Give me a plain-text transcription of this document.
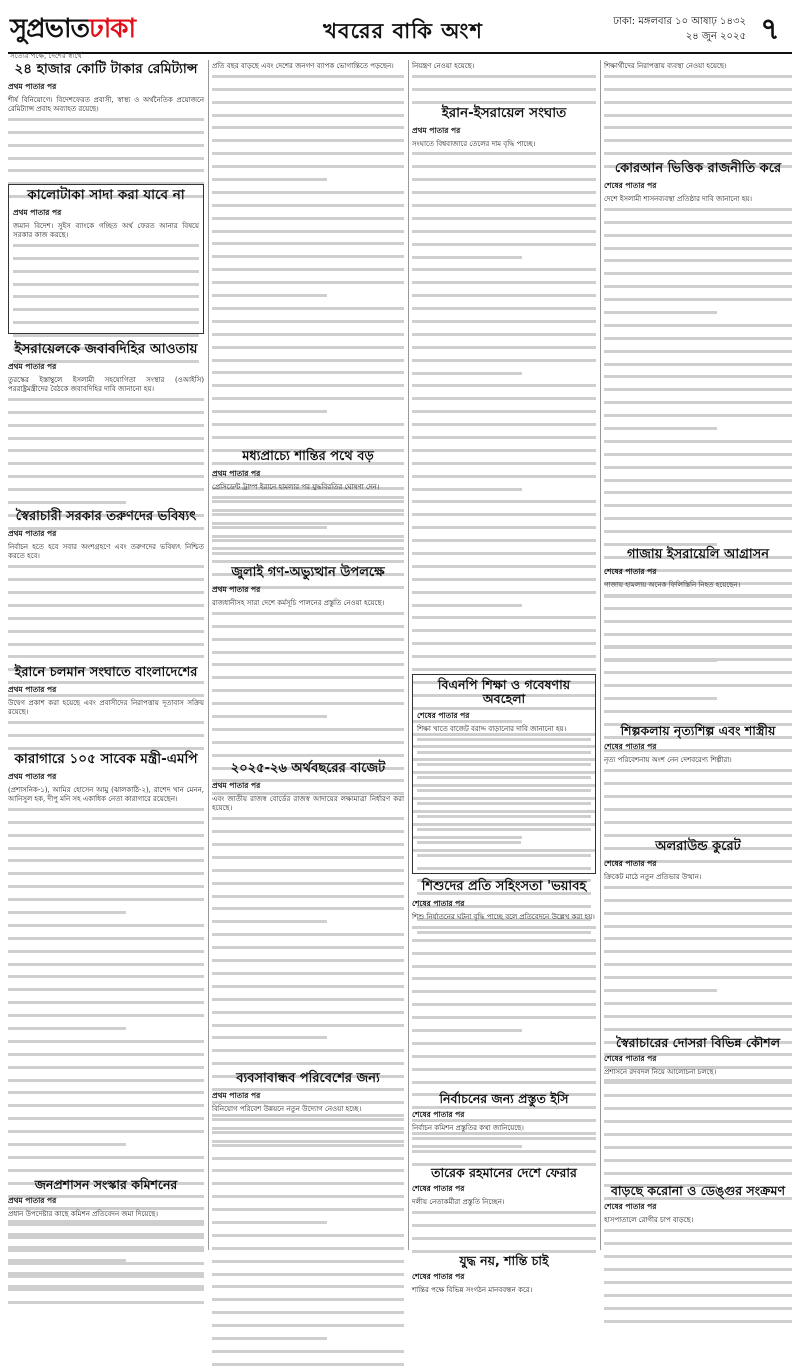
সুপ্রভাতঢাকা
সত্যের পক্ষে, দেশের স্বার্থে
খবরের বাকি অংশ	ঢাকা: মঙ্গলবার ১০ আষাঢ় ১৪৩২
২৪ জুন ২০২৫ ৭
২৪ হাজার কোটি টাকার রেমিট্যান্স
প্রথম পাতার পর

শীর্ষ বিনিয়োগে। বিদেশফেরত প্রবাসী, স্বাস্থ্য ও অর্থনৈতিক প্রয়োজনে রেমিট্যান্স প্রবাহ অব্যাহত রয়েছে।

কালোটাকা সাদা করা যাবে না
প্রথম পাতার পর

জমান বিদেশ। সুইস ব্যাংকে গচ্ছিত অর্থ ফেরত আনার বিষয়ে সরকার কাজ করছে।

ইসরায়েলকে জবাবদিহির আওতায়
প্রথম পাতার পর

তুরস্কের ইস্তাম্বুলে ইসলামী সহযোগিতা সংস্থার (ওআইসি) পররাষ্ট্রমন্ত্রীদের বৈঠকে জবাবদিহির দাবি জানানো হয়।

স্বৈরাচারী সরকার তরুণদের ভবিষ্যৎ
প্রথম পাতার পর

নির্বাচন হতে হবে সবার অংশগ্রহণে এবং তরুণদের ভবিষ্যৎ নিশ্চিত করতে হবে।

ইরানে চলমান সংঘাতে বাংলাদেশের
প্রথম পাতার পর

উদ্বেগ প্রকাশ করা হয়েছে এবং প্রবাসীদের নিরাপত্তায় দূতাবাস সক্রিয় রয়েছে।

কারাগারে ১০৫ সাবেক মন্ত্রী-এমপি
প্রথম পাতার পর

(প্রশাসনিক-১), আমির হোসেন আমু (ঝালকাঠি-২), রাশেদ খান মেনন, আনিসুল হক, দীপু মনি সহ একাধিক নেতা কারাগারে রয়েছেন।

জনপ্রশাসন সংস্কার কমিশনের
প্রথম পাতার পর

প্রধান উপদেষ্টার কাছে কমিশন প্রতিবেদন জমা দিয়েছে।

প্রতি বছর বাড়ছে এবং দেশের জনগণ ব্যাপক ভোগান্তিতে পড়ছেন।

মধ্যপ্রাচ্যে শান্তির পথে বড়
প্রথম পাতার পর

প্রেসিডেন্ট ট্রাম্প ইরানে হামলার পর যুদ্ধবিরতির ঘোষণা দেন।

জুলাই গণ-অভ্যুত্থান উপলক্ষে
প্রথম পাতার পর

রাজধানীসহ সারা দেশে কর্মসূচি পালনের প্রস্তুতি নেওয়া হয়েছে।

২০২৫-২৬ অর্থবছরের বাজেট
প্রথম পাতার পর

এবং জাতীয় রাজস্ব বোর্ডের রাজস্ব আদায়ের লক্ষ্যমাত্রা নির্ধারণ করা হয়েছে।

ব্যবসাবান্ধব পরিবেশের জন্য
প্রথম পাতার পর

বিনিয়োগ পরিবেশ উন্নয়নে নতুন উদ্যোগ নেওয়া হচ্ছে।

নিয়ন্ত্রণ নেওয়া হয়েছে।

ইরান-ইসরায়েল সংঘাত
প্রথম পাতার পর

সংঘাতে বিশ্ববাজারে তেলের দাম বৃদ্ধি পাচ্ছে।

বিএনপি শিক্ষা ও গবেষণায় অবহেলা
শেষের পাতার পর

শিক্ষা খাতে বাজেট বরাদ্দ বাড়ানোর দাবি জানানো হয়।

শিশুদের প্রতি সহিংসতা 'ভয়াবহ
শেষের পাতার পর

শিশু নির্যাতনের ঘটনা বৃদ্ধি পাচ্ছে বলে প্রতিবেদনে উল্লেখ করা হয়।

নির্বাচনের জন্য প্রস্তুত ইসি
শেষের পাতার পর

নির্বাচন কমিশন প্রস্তুতির কথা জানিয়েছে।

তারেক রহমানের দেশে ফেরার
শেষের পাতার পর

দলীয় নেতাকর্মীরা প্রস্তুতি নিচ্ছেন।

যুদ্ধ নয়, শান্তি চাই
শেষের পাতার পর

শান্তির পক্ষে বিভিন্ন সংগঠন মানববন্ধন করে।

শিক্ষার্থীদের নিরাপত্তায় ব্যবস্থা নেওয়া হয়েছে।

কোরআন ভিত্তিক রাজনীতি করে
শেষের পাতার পর

দেশে ইসলামী শাসনব্যবস্থা প্রতিষ্ঠার দাবি জানানো হয়।

গাজায় ইসরায়েলি আগ্রাসন
শেষের পাতার পর

গাজায় হামলায় অনেক ফিলিস্তিনি নিহত হয়েছেন।

শিল্পকলায় নৃত্যশিল্প এবং শাস্ত্রীয়
শেষের পাতার পর

নৃত্য পরিবেশনায় অংশ নেন দেশবরেণ্য শিল্পীরা।

অলরাউন্ড কুরেট
শেষের পাতার পর

ক্রিকেট মাঠে নতুন প্রতিভার উত্থান।

স্বৈরাচারের দোসরা বিভিন্ন কৌশল
শেষের পাতার পর

প্রশাসনে রদবদল নিয়ে আলোচনা চলছে।

বাড়ছে করোনা ও ডেঙ্গুর সংক্রমণ
শেষের পাতার পর

হাসপাতালে রোগীর চাপ বাড়ছে।
